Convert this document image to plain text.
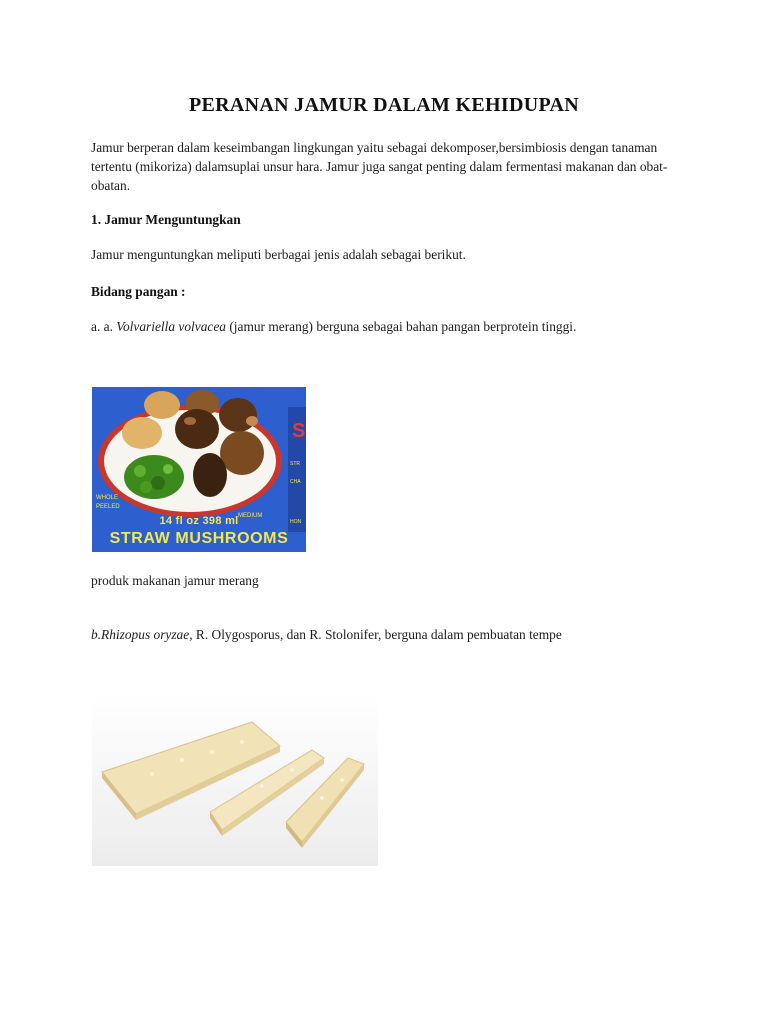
PERANAN JAMUR DALAM KEHIDUPAN
Jamur berperan dalam keseimbangan lingkungan yaitu sebagai dekomposer,bersimbiosis dengan tanaman tertentu (mikoriza) dalamsuplai unsur hara. Jamur juga sangat penting dalam fermentasi makanan dan obat-obatan.
1. Jamur Menguntungkan
Jamur menguntungkan meliputi berbagai jenis adalah sebagai berikut.
Bidang pangan :
a. a. Volvariella volvacea (jamur merang) berguna sebagai bahan pangan berprotein tinggi.
S
WHOLE
PEELED
MEDIUM
STR
CHA
HON
14 fl oz 398 ml
STRAW MUSHROOMS
produk makanan jamur merang
b.Rhizopus oryzae, R. Olygosporus, dan R. Stolonifer, berguna dalam pembuatan tempe
